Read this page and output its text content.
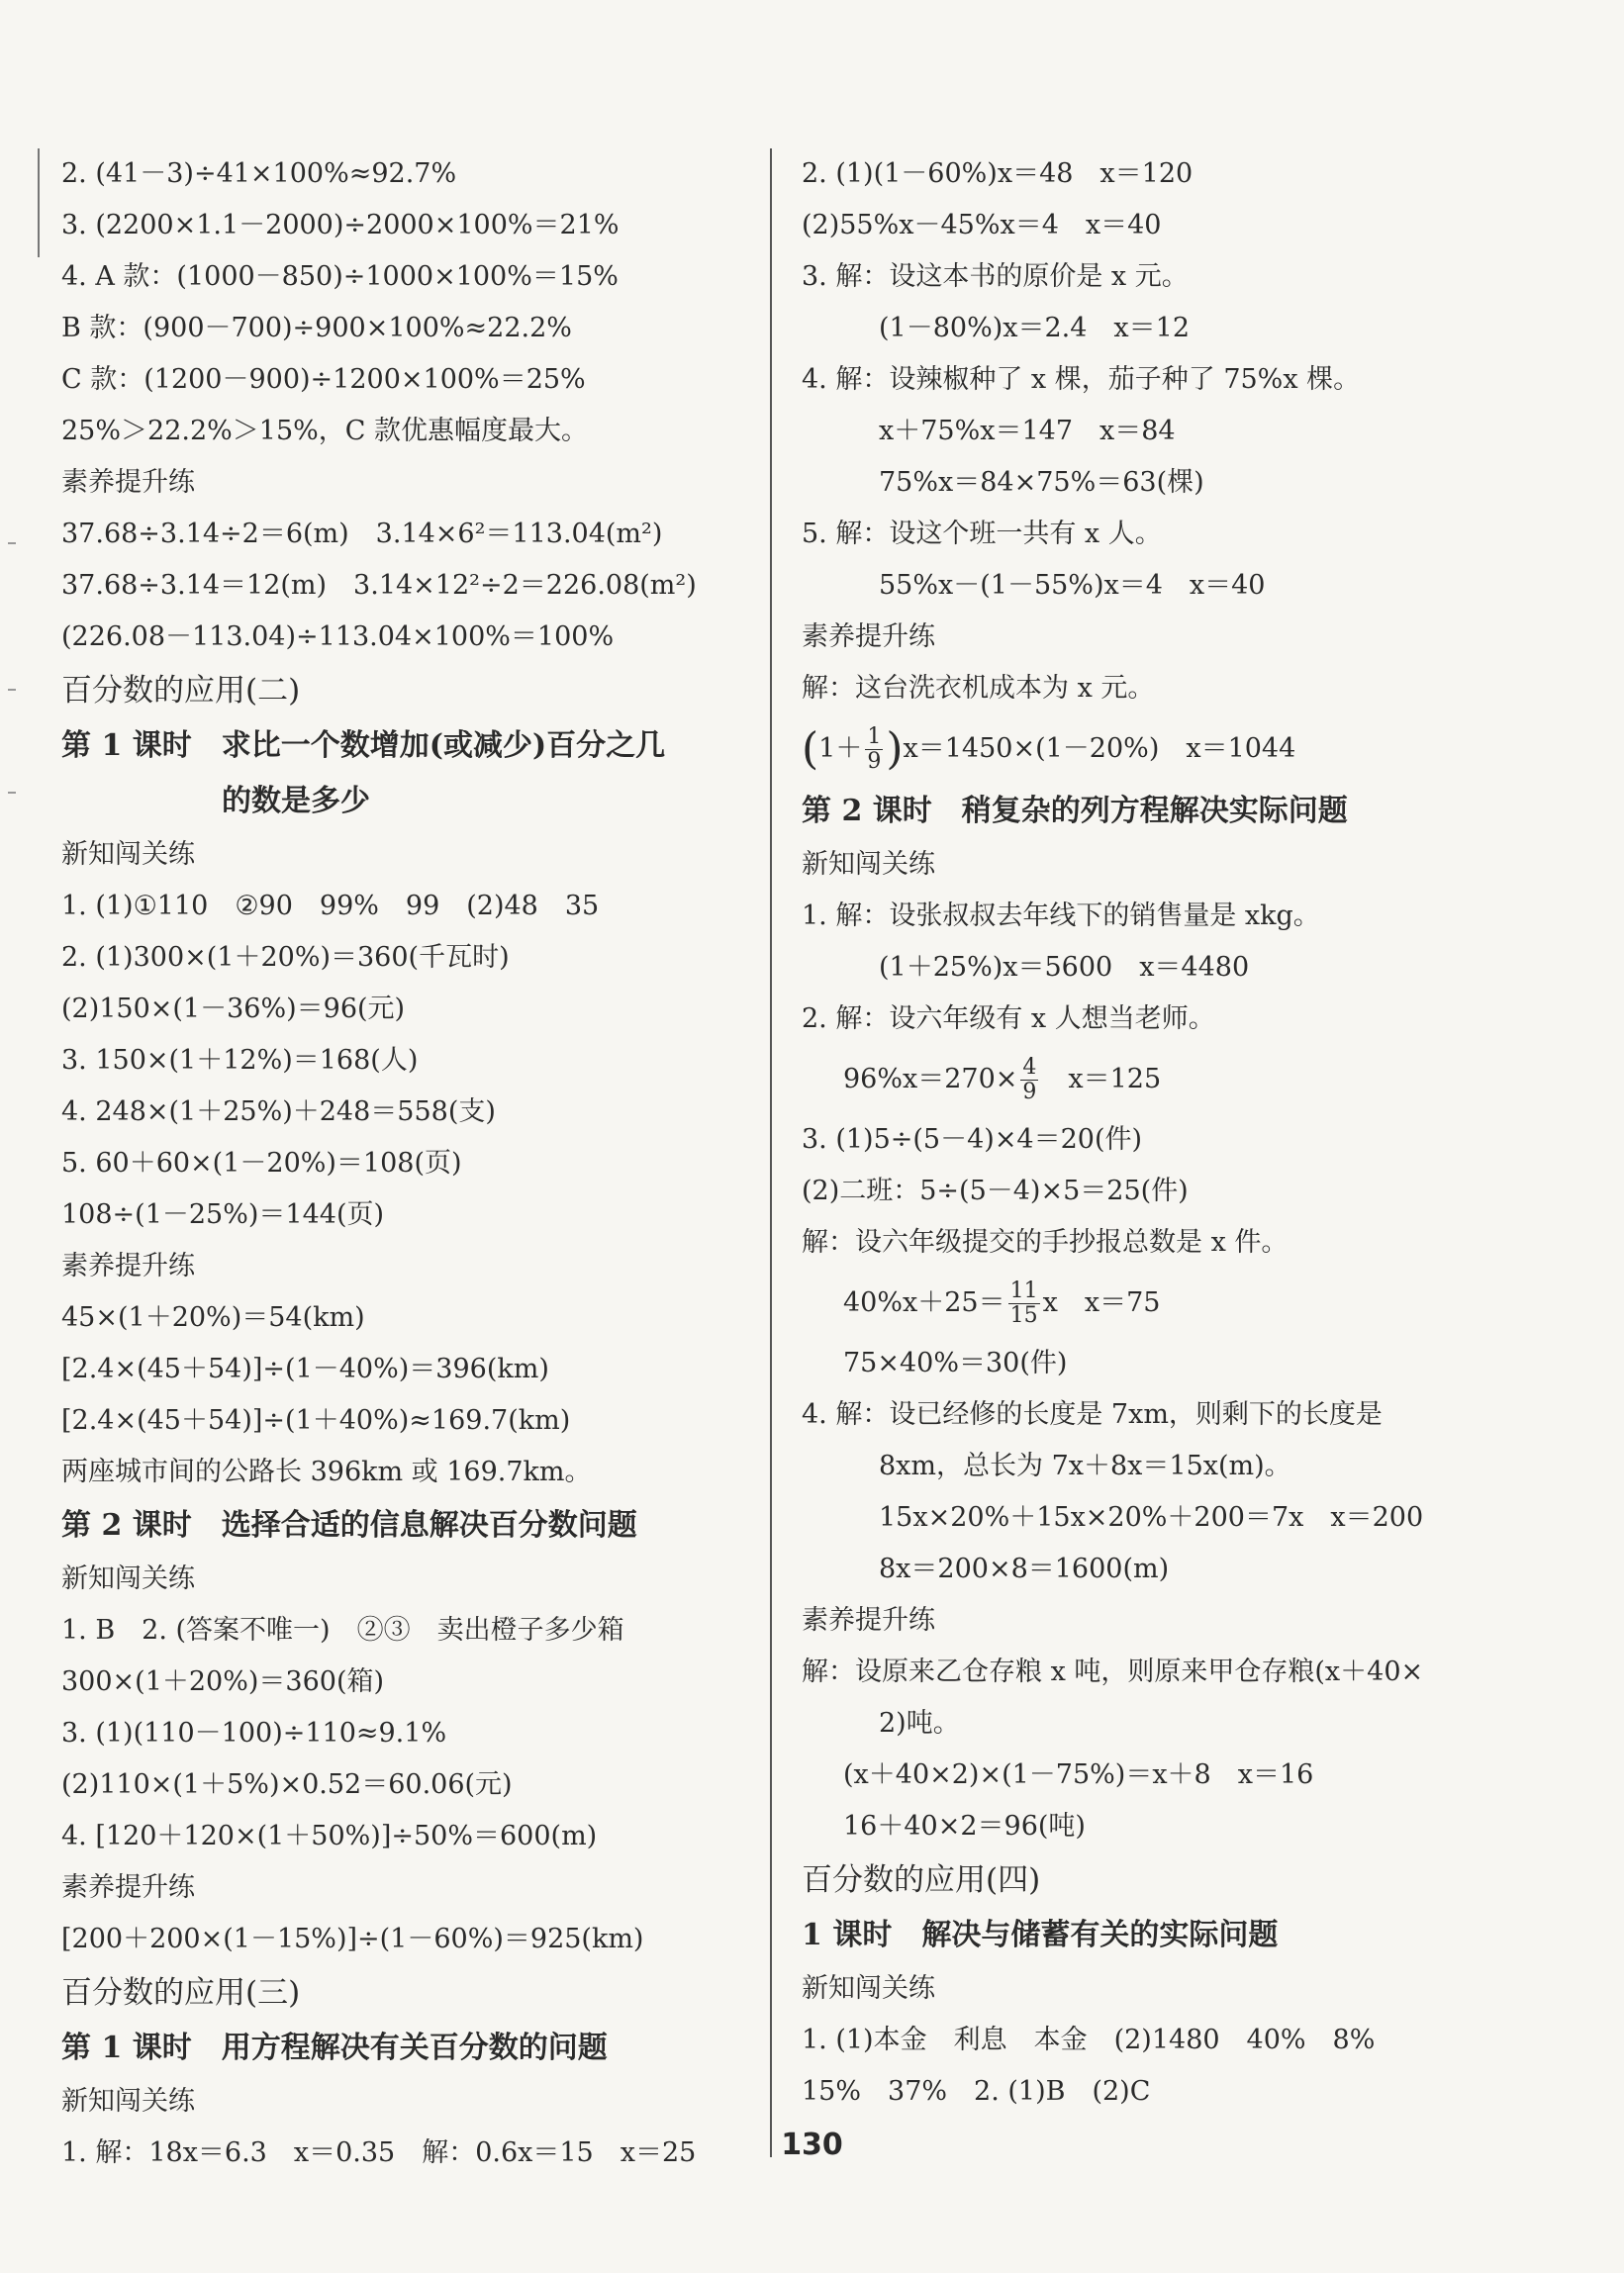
2. (41－3)÷41×100%≈92.7%
3. (2200×1.1－2000)÷2000×100%＝21%
4. A 款：(1000－850)÷1000×100%＝15%
B 款：(900－700)÷900×100%≈22.2%
C 款：(1200－900)÷1200×100%＝25%
25%＞22.2%＞15%，C 款优惠幅度最大。
素养提升练
37.68÷3.14÷2＝6(m)　3.14×6²＝113.04(m²)
37.68÷3.14＝12(m)　3.14×12²÷2＝226.08(m²)
(226.08－113.04)÷113.04×100%＝100%
百分数的应用(二)
第 1 课时　求比一个数增加(或减少)百分之几
的数是多少
新知闯关练
1. (1)①110　②90　99%　99　(2)48　35
2. (1)300×(1＋20%)＝360(千瓦时)
(2)150×(1－36%)＝96(元)
3. 150×(1＋12%)＝168(人)
4. 248×(1＋25%)＋248＝558(支)
5. 60＋60×(1－20%)＝108(页)
108÷(1－25%)＝144(页)
素养提升练
45×(1＋20%)＝54(km)
[2.4×(45＋54)]÷(1－40%)＝396(km)
[2.4×(45＋54)]÷(1＋40%)≈169.7(km)
两座城市间的公路长 396km 或 169.7km。
第 2 课时　选择合适的信息解决百分数问题
新知闯关练
1. B　2. (答案不唯一)　②③　卖出橙子多少箱
300×(1＋20%)＝360(箱)
3. (1)(110－100)÷110≈9.1%
(2)110×(1＋5%)×0.52＝60.06(元)
4. [120＋120×(1＋50%)]÷50%＝600(m)
素养提升练
[200＋200×(1－15%)]÷(1－60%)＝925(km)
百分数的应用(三)
第 1 课时　用方程解决有关百分数的问题
新知闯关练
1. 解：18x＝6.3　x＝0.35　解：0.6x＝15　x＝25
2. (1)(1－60%)x＝48　x＝120
(2)55%x－45%x＝4　x＝40
3. 解：设这本书的原价是 x 元。
(1－80%)x＝2.4　x＝12
4. 解：设辣椒种了 x 棵，茄子种了 75%x 棵。
x＋75%x＝147　x＝84
75%x＝84×75%＝63(棵)
5. 解：设这个班一共有 x 人。
55%x－(1－55%)x＝4　x＝40
素养提升练
解：这台洗衣机成本为 x 元。
$(1+ \frac{1}{9} )x=1450\times(1-20\%)$　x＝1044
第 2 课时　稍复杂的列方程解决实际问题
新知闯关练
1. 解：设张叔叔去年线下的销售量是 xkg。
(1＋25%)x＝5600　x＝4480
2. 解：设六年级有 x 人想当老师。
$96\%x=270\times \frac{4}{9}$ 　x＝125
3. (1)5÷(5－4)×4＝20(件)
(2)二班：5÷(5－4)×5＝25(件)
解：设六年级提交的手抄报总数是 x 件。
$40\%x+25= \frac{11}{15}$ x　x＝75
75×40%＝30(件)
4. 解：设已经修的长度是 7xm，则剩下的长度是
8xm，总长为 7x＋8x＝15x(m)。
15x×20%＋15x×20%＋200＝7x　x＝200
8x＝200×8＝1600(m)
素养提升练
解：设原来乙仓存粮 x 吨，则原来甲仓存粮(x＋40×
2)吨。
(x＋40×2)×(1－75%)＝x＋8　x＝16
16＋40×2＝96(吨)
百分数的应用(四)
1 课时　解决与储蓄有关的实际问题
新知闯关练
1. (1)本金　利息　本金　(2)1480　40%　8%
15%　37%　2. (1)B　(2)C
130
